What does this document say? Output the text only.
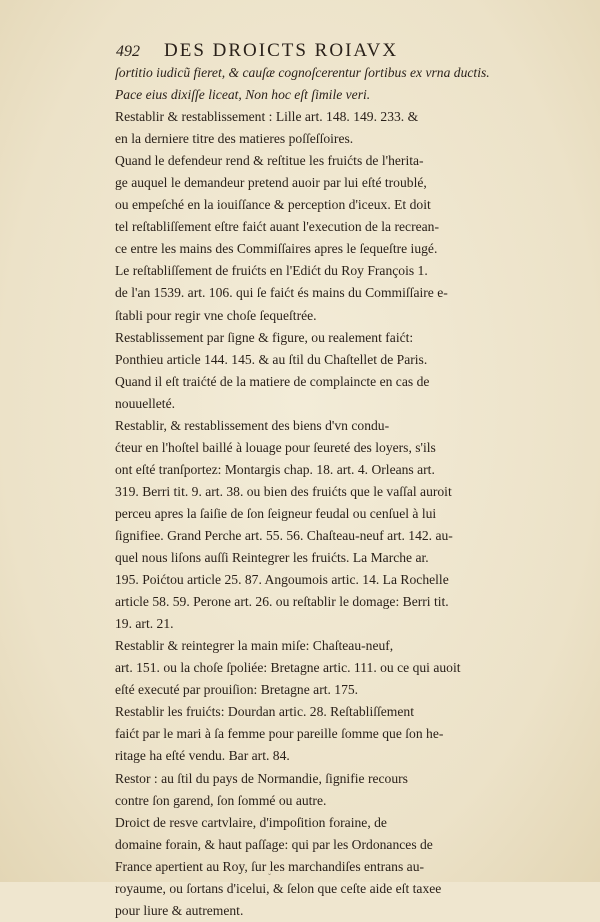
492 DES DROICTS ROIAVX
ſortitio iudicũ fieret, & cauſæ cognoſcerentur ſortibus ex vrna ductis.
Pace eius dixiſſe liceat, Non hoc eſt ſimile veri.
Restablir & restablissement : Lille art. 148. 149. 233. &
en la derniere titre des matieres poſſeſſoires.
Quand le defendeur rend & reſtitue les fruićts de l'herita-
ge auquel le demandeur pretend auoir par lui eſté troublé,
ou empeſché en la iouiſſance & perception d'iceux. Et doit
tel reſtabliſſement eſtre faićt auant l'execution de la recrean-
ce entre les mains des Commiſſaires apres le ſequeſtre iugé.
Le reſtabliſſement de fruićts en l'Edićt du Roy François 1.
de l'an 1539. art. 106. qui ſe faićt és mains du Commiſſaire e-
ſtabli pour regir vne choſe ſequeſtrée.
Restablissement par ſigne & figure, ou realement faićt:
Ponthieu article 144. 145. & au ſtil du Chaſtellet de Paris.
Quand il eſt traićté de la matiere de complaincte en cas de
nouuelleté.
Restablir, & restablissement des biens d'vn condu-
ćteur en l'hoſtel baillé à louage pour ſeureté des loyers, s'ils
ont eſté tranſportez: Montargis chap. 18. art. 4. Orleans art.
319. Berri tit. 9. art. 38. ou bien des fruićts que le vaſſal auroit
perceu apres la ſaiſie de ſon ſeigneur feudal ou cenſuel à lui
ſignifiee. Grand Perche art. 55. 56. Chaſteau-neuf art. 142. au-
quel nous liſons auſſi Reintegrer les fruićts. La Marche ar.
195. Poićtou article 25. 87. Angoumois artic. 14. La Rochelle
article 58. 59. Perone art. 26. ou reſtablir le domage: Berri tit.
19. art. 21.
Restablir & reintegrer la main miſe: Chaſteau-neuf,
art. 151. ou la choſe ſpoliée: Bretagne artic. 111. ou ce qui auoit
eſté executé par prouiſion: Bretagne art. 175.
Restablir les fruićts: Dourdan artic. 28. Reſtabliſſement
faićt par le mari à ſa femme pour pareille ſomme que ſon he-
ritage ha eſté vendu. Bar art. 84.
Restor : au ſtil du pays de Normandie, ſignifie recours
contre ſon garend, ſon ſommé ou autre.
Droict de resve cartvlaire, d'impoſition foraine, de
domaine forain, & haut paſſage: qui par les Ordonances de
France apertient au Roy, ſur les marchandiſes entrans au-
royaume, ou ſortans d'icelui, & ſelon que ceſte aide eſt taxee
pour liure & autrement.
ˇ
